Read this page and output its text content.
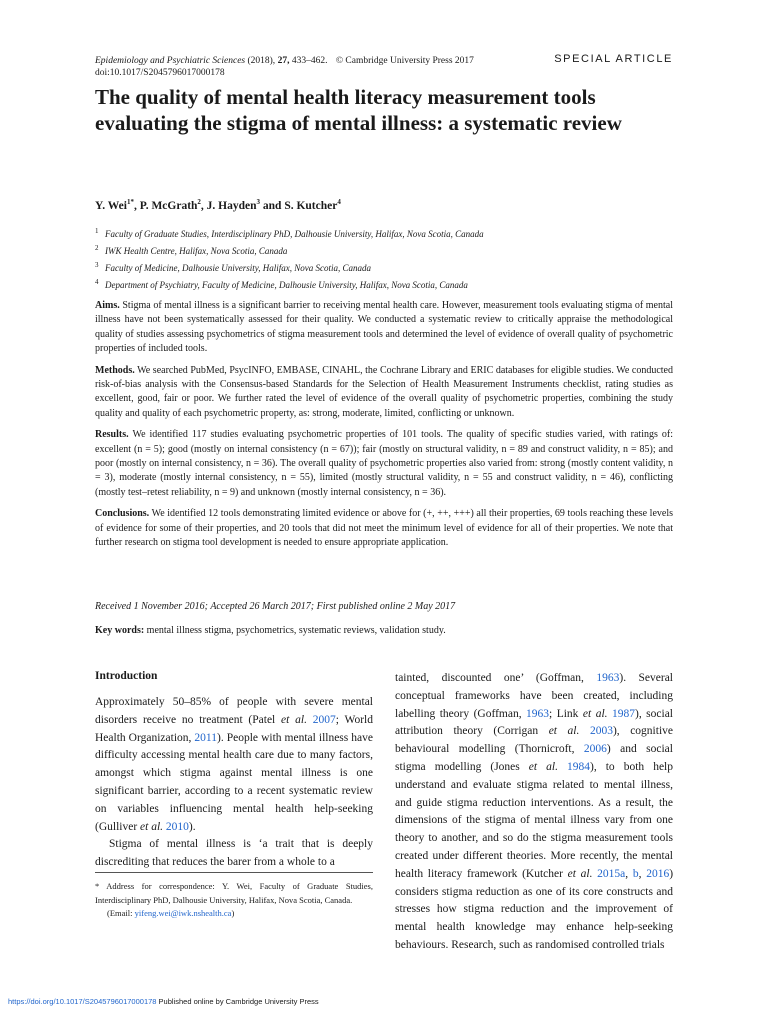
Epidemiology and Psychiatric Sciences (2018), 27, 433–462. © Cambridge University Press 2017
doi:10.1017/S2045796017000178
SPECIAL ARTICLE
The quality of mental health literacy measurement tools evaluating the stigma of mental illness: a systematic review
Y. Wei$^{1*}$, P. McGrath$^2$, J. Hayden$^3$ and S. Kutcher$^4$
1 Faculty of Graduate Studies, Interdisciplinary PhD, Dalhousie University, Halifax, Nova Scotia, Canada
2 IWK Health Centre, Halifax, Nova Scotia, Canada
3 Faculty of Medicine, Dalhousie University, Halifax, Nova Scotia, Canada
4 Department of Psychiatry, Faculty of Medicine, Dalhousie University, Halifax, Nova Scotia, Canada

Aims. Stigma of mental illness is a significant barrier to receiving mental health care. However, measurement tools evaluating stigma of mental illness have not been systematically assessed for their quality. We conducted a systematic review to critically appraise the methodological quality of studies assessing psychometrics of stigma measurement tools and determined the level of evidence of overall quality of psychometric properties of included tools.

Methods. We searched PubMed, PsycINFO, EMBASE, CINAHL, the Cochrane Library and ERIC databases for eligible studies. We conducted risk-of-bias analysis with the Consensus-based Standards for the Selection of Health Measurement Instruments checklist, rating studies as excellent, good, fair or poor. We further rated the level of evidence of the overall quality of psychometric properties, combining the study quality and quality of each psychometric property, as: strong, moderate, limited, conflicting or unknown.

Results. We identified 117 studies evaluating psychometric properties of 101 tools. The quality of specific studies varied, with ratings of: excellent (n = 5); good (mostly on internal consistency (n = 67)); fair (mostly on structural validity, n = 89 and construct validity, n = 85); and poor (mostly on internal consistency, n = 36). The overall quality of psychometric properties also varied from: strong (mostly content validity, n = 3), moderate (mostly internal consistency, n = 55), limited (mostly structural validity, n = 55 and construct validity, n = 46), conflicting (mostly test–retest reliability, n = 9) and unknown (mostly internal consistency, n = 36).

Conclusions. We identified 12 tools demonstrating limited evidence or above for (+, ++, +++) all their properties, 69 tools reaching these levels of evidence for some of their properties, and 20 tools that did not meet the minimum level of evidence for all of their properties. We note that further research on stigma tool development is needed to ensure appropriate application.

Received 1 November 2016; Accepted 26 March 2017; First published online 2 May 2017
Key words: mental illness stigma, psychometrics, systematic reviews, validation study.
Introduction

Approximately 50–85% of people with severe mental disorders receive no treatment (Patel et al. 2007; World Health Organization, 2011). People with mental illness have difficulty accessing mental health care due to many factors, amongst which stigma against mental illness is one significant barrier, according to a recent systematic review on variables influencing mental health help-seeking (Gulliver et al. 2010).

Stigma of mental illness is ‘a trait that is deeply discrediting that reduces the barer from a whole to a

tainted, discounted one’ (Goffman, 1963). Several conceptual frameworks have been created, including labelling theory (Goffman, 1963; Link et al. 1987), social attribution theory (Corrigan et al. 2003), cognitive behavioural modelling (Thornicroft, 2006) and social stigma modelling (Jones et al. 1984), to both help understand and evaluate stigma related to mental illness, and guide stigma reduction interventions. As a result, the dimensions of the stigma of mental illness vary from one theory to another, and so do the stigma measurement tools created under different theories. More recently, the mental health literacy framework (Kutcher et al. 2015a, b, 2016) considers stigma reduction as one of its core constructs and stresses how stigma reduction and the improvement of mental health knowledge may enhance help-seeking behaviours. Research, such as randomised controlled trials

* Address for correspondence: Y. Wei, Faculty of Graduate Studies, Interdisciplinary PhD, Dalhousie University, Halifax, Nova Scotia, Canada.
(Email: yifeng.wei@iwk.nshealth.ca)
https://doi.org/10.1017/S2045796017000178 Published online by Cambridge University Press
